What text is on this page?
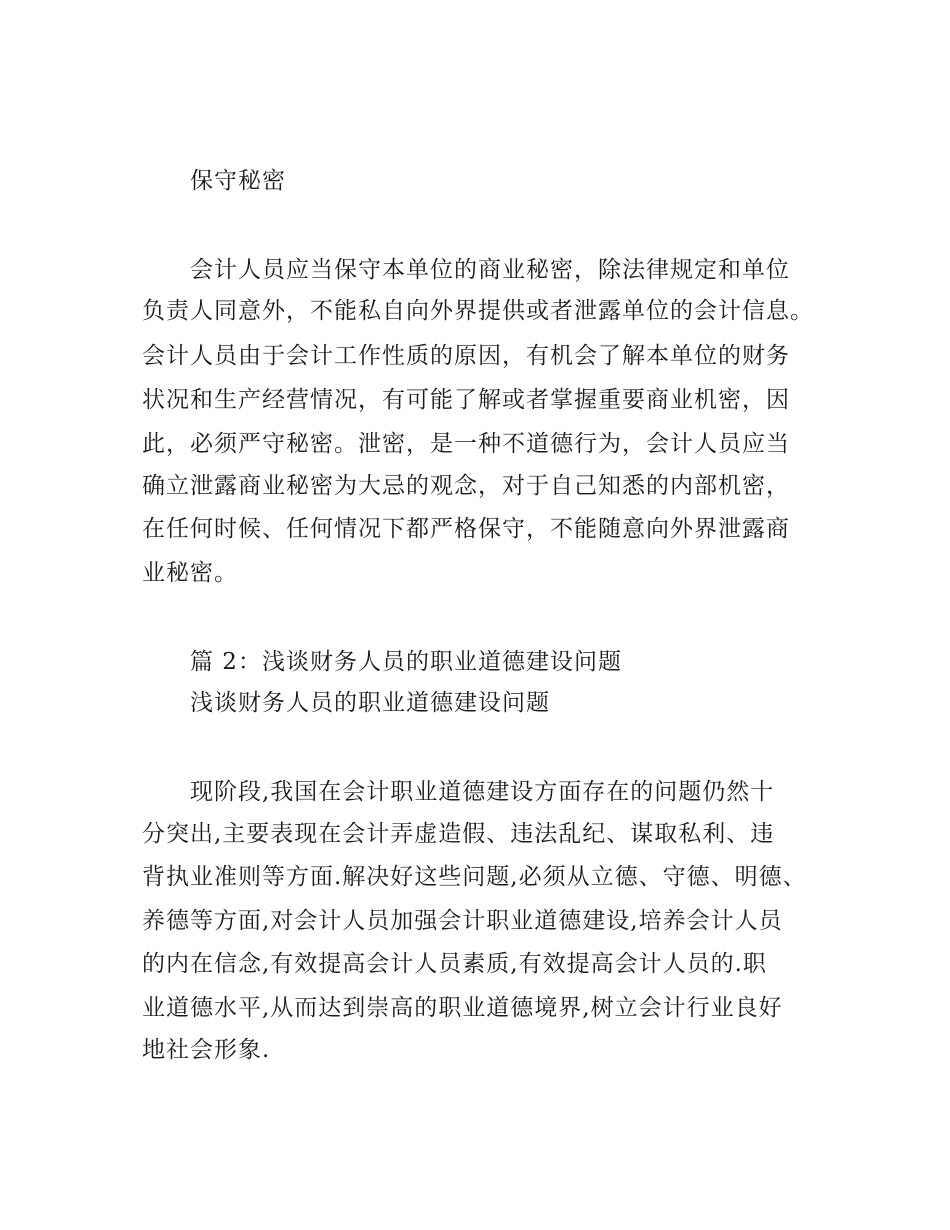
保守秘密
会计人员应当保守本单位的商业秘密，除法律规定和单位
负责人同意外，不能私自向外界提供或者泄露单位的会计信息。
会计人员由于会计工作性质的原因，有机会了解本单位的财务
状况和生产经营情况，有可能了解或者掌握重要商业机密，因
此，必须严守秘密。泄密，是一种不道德行为，会计人员应当
确立泄露商业秘密为大忌的观念，对于自己知悉的内部机密，
在任何时候、任何情况下都严格保守，不能随意向外界泄露商
业秘密。
篇 2：浅谈财务人员的职业道德建设问题
浅谈财务人员的职业道德建设问题
现阶段,我国在会计职业道德建设方面存在的问题仍然十
分突出,主要表现在会计弄虚造假、违法乱纪、谋取私利、违
背执业准则等方面.解决好这些问题,必须从立德、守德、明德、
养德等方面,对会计人员加强会计职业道德建设,培养会计人员
的内在信念,有效提高会计人员素质,有效提高会计人员的.职
业道德水平,从而达到崇高的职业道德境界,树立会计行业良好
地社会形象.
